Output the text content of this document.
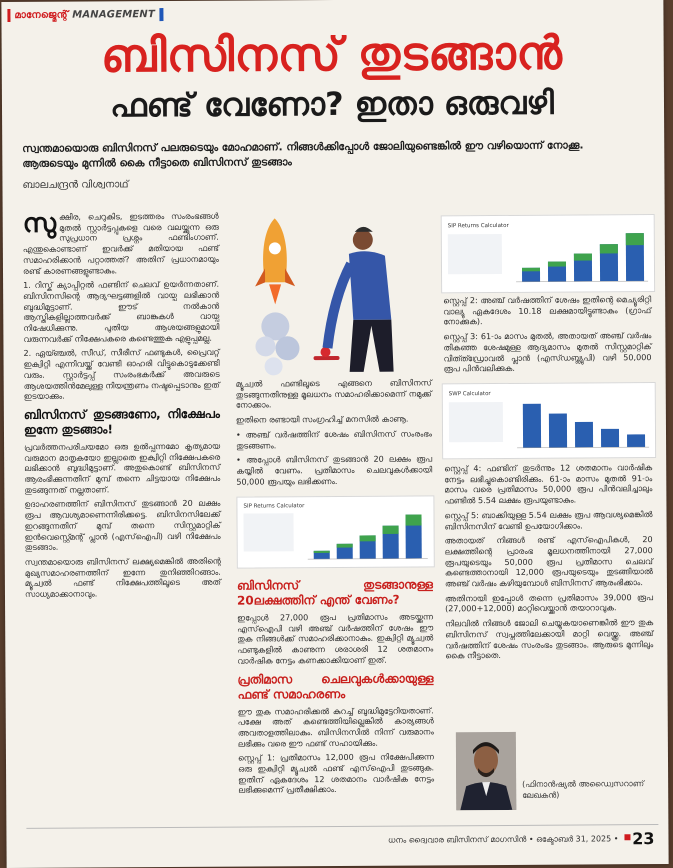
മാനേജ്മെന്റ് MANAGEMENT
ബിസിനസ് തുടങ്ങാൻ
ഫണ്ട് വേണോ? ഇതാ ഒരുവഴി
സ്വന്തമായൊരു ബിസിനസ് പലരുടെയും മോഹമാണ്. നിങ്ങൾക്കിപ്പോൾ ജോലിയുണ്ടെങ്കിൽ ഈ വഴിയൊന്ന് നോക്കൂ. ആരുടെയും മുന്നിൽ കൈ നീട്ടാതെ ബിസിനസ് തുടങ്ങാം
ബാലചന്ദ്രൻ വിശ്വനാഥ്

സുക്ഷിര, ചെറുകിട, ഇടത്തരം സംരംഭങ്ങൾ മുതൽ സ്റ്റാർട്ടപ്പുകളെ വരെ വലയ്ക്കുന്ന ഒരു സുപ്രധാന പ്രശ്നം ഫണ്ടിംഗാണ്. എന്തുകൊണ്ടാണ് ഇവർക്ക് മതിയായ ഫണ്ട് സമാഹരിക്കാൻ പറ്റാത്തത്? അതിന് പ്രധാനമായും രണ്ട് കാരണങ്ങളുണ്ടാകും.

1. റിസ്ക് ക്യാപ്പിറ്റൽ ഫണ്ടിന് ചെലവ് ഉയർന്നതാണ്. ബിസിനസിന്റെ ആദ്യഘട്ടങ്ങളിൽ വായ്പ ലഭിക്കാൻ ബുദ്ധിമുട്ടാണ്. ഈട് നൽകാൻ ആസ്തികളില്ലാത്തവർക്ക് ബാങ്കുകൾ വായ്പ നിഷേധിക്കുന്നു. പുതിയ ആശയങ്ങളുമായി വരുന്നവർക്ക് നിക്ഷേപകരെ കണ്ടെത്തുക എളുപ്പമല്ല.

2. ഏയ്ഞ്ചൽ, സീഡ്, സീരീസ് ഫണ്ടുകൾ, പ്രൈവറ്റ് ഇക്വിറ്റി എന്നിവയ്ക്ക് വേണ്ടി ഓഹരി വിട്ടുകൊടുക്കേണ്ടി വരും. സ്റ്റാർട്ടപ്പ് സംരംഭകർക്ക് അവരുടെ ആശയത്തിൻമേലുള്ള നിയന്ത്രണം നഷ്ടപ്പെടാനും ഇത് ഇടയാക്കും.

ബിസിനസ് തുടങ്ങണോ, നിക്ഷേപം ഇന്നേ തുടങ്ങാം!

പ്രവർത്തനപരിചയമോ ഒരു ഉൽപ്പന്നമോ കൃത്യമായ വരുമാന മാതൃകയോ ഇല്ലാതെ ഇക്വിറ്റി നിക്ഷേപകരെ ലഭിക്കാൻ ബുദ്ധിമുട്ടാണ്. അതുകൊണ്ട് ബിസിനസ് ആരംഭിക്കുന്നതിന് മുമ്പ് തന്നെ ചിട്ടയായ നിക്ഷേപം തുടങ്ങുന്നത് നല്ലതാണ്.

ഉദാഹരണത്തിന് ബിസിനസ് തുടങ്ങാൻ 20 ലക്ഷം രൂപ ആവശ്യമാണെന്നിരിക്കട്ടെ. ബിസിനസിലേക്ക് ഇറങ്ങുന്നതിന് മുമ്പ് തന്നെ സിസ്റ്റമാറ്റിക് ഇൻവെസ്റ്റ്മെന്റ് പ്ലാൻ (എസ്ഐപി) വഴി നിക്ഷേപം തുടങ്ങാം.

സ്വന്തമായൊരു ബിസിനസ് ലക്ഷ്യമെങ്കിൽ അതിന്റെ മുഖ്യസമാഹരണത്തിന് ഇന്നേ തുനിഞ്ഞിറങ്ങാം. മ്യൂച്വൽ ഫണ്ട് നിക്ഷേപത്തിലൂടെ അത് സാധ്യമാക്കാനാവും.

SIP Returns Calculator

സ്റ്റെപ്പ് 2: അഞ്ച് വർഷത്തിന് ശേഷം ഇതിന്റെ മെച്യൂരിറ്റി വാല്യു ഏകദേശം 10.18 ലക്ഷമായിട്ടുണ്ടാകും (ഗ്രാഫ് നോക്കുക).

സ്റ്റെപ്പ് 3: 61-ാം മാസം മുതൽ, അതായത് അഞ്ച് വർഷം തികഞ്ഞ ശേഷമുള്ള ആദ്യമാസം മുതൽ സിസ്റ്റമാറ്റിക് വിത്ത്ഡ്രോവൽ പ്ലാൻ (എസ്ഡബ്ല്യുപി) വഴി 50,000 രൂപ പിൻവലിക്കുക.

SWP Calculator

സ്റ്റെപ്പ് 4: ഫണ്ടിന് തുടർന്നും 12 ശതമാനം വാർഷിക നേട്ടം ലഭിച്ചുകൊണ്ടിരിക്കും. 61-ാം മാസം മുതൽ 91-ാം മാസം വരെ പ്രതിമാസം 50,000 രൂപ പിൻവലിച്ചാലും ഫണ്ടിൽ 5.54 ലക്ഷം രൂപയുണ്ടാകും.

സ്റ്റെപ്പ് 5: ബാക്കിയുള്ള 5.54 ലക്ഷം രൂപ ആവശ്യമെങ്കിൽ ബിസിനസിന് വേണ്ടി ഉപയോഗിക്കാം.

അതായത് നിങ്ങൾ രണ്ട് എസ്ഐപികൾ, 20 ലക്ഷത്തിന്റെ പ്രാരംഭ മൂലധനത്തിനായി 27,000 രൂപയുടെയും 50,000 രൂപ പ്രതിമാസ ചെലവ് കണ്ടെത്താനായി 12,000 രൂപയുടെയും തുടങ്ങിയാൽ അഞ്ച് വർഷം കഴിയുമ്പോൾ ബിസിനസ് ആരംഭിക്കാം.

അതിനായി ഇപ്പോൾ തന്നെ പ്രതിമാസം 39,000 രൂപ (27,000+12,000) മാറ്റിവെയ്ക്കാൻ തയാറാവുക.

നിലവിൽ നിങ്ങൾ ജോലി ചെയ്യുകയാണെങ്കിൽ ഈ തുക ബിസിനസ് സ്വപ്നത്തിലേക്കായി മാറ്റി വെയ്ക്കൂ. അഞ്ച് വർഷത്തിന് ശേഷം സംരംഭം തുടങ്ങാം. ആരുടെ മുന്നിലും കൈ നീട്ടാതെ.

മ്യൂച്വൽ ഫണ്ടിലൂടെ എങ്ങനെ ബിസിനസ് തുടങ്ങുന്നതിനുള്ള മൂലധനം സമാഹരിക്കാമെന്ന് നമുക്ക് നോക്കാം.

ഇതിനെ രണ്ടായി സംഗ്രഹിച്ച് മനസിൽ കാണൂ.

• അഞ്ച് വർഷത്തിന് ശേഷം ബിസിനസ് സംരംഭം തുടങ്ങണം.

• അപ്പോൾ ബിസിനസ് തുടങ്ങാൻ 20 ലക്ഷം രൂപ കയ്യിൽ വേണം. പ്രതിമാസം ചെലവുകൾക്കായി 50,000 രൂപയും ലഭിക്കണം.

SIP Returns Calculator
ബിസിനസ് തുടങ്ങാനുള്ള 20ലക്ഷത്തിന് എന്ത് വേണം?

ഇപ്പോൾ 27,000 രൂപ പ്രതിമാസം അടയ്ക്കുന്ന എസ്ഐപി വഴി അഞ്ച് വർഷത്തിന് ശേഷം ഈ തുക നിങ്ങൾക്ക് സമാഹരിക്കാനാകും. ഇക്വിറ്റി മ്യൂച്വൽ ഫണ്ടുകളിൽ കാണുന്ന ശരാശരി 12 ശതമാനം വാർഷിക നേട്ടം കണക്കാക്കിയാണ് ഇത്.

പ്രതിമാസ ചെലവുകൾക്കായുള്ള ഫണ്ട് സമാഹരണം

ഈ തുക സമാഹരിക്കൽ കുറച്ച് ബുദ്ധിമുട്ടേറിയതാണ്. പക്ഷേ അത് കണ്ടെത്തിയില്ലെങ്കിൽ കാര്യങ്ങൾ അവതാളത്തിലാകും. ബിസിനസിൽ നിന്ന് വരുമാനം ലഭിക്കും വരെ ഈ ഫണ്ട് സഹായിക്കും.

സ്റ്റെപ്പ് 1: പ്രതിമാസം 12,000 രൂപ നിക്ഷേപിക്കുന്ന ഒരു ഇക്വിറ്റി മ്യൂച്വൽ ഫണ്ട് എസ്ഐപി തുടങ്ങുക. ഇതിന് ഏകദേശം 12 ശതമാനം വാർഷിക നേട്ടം ലഭിക്കുമെന്ന് പ്രതീക്ഷിക്കാം.

(ഫിനാൻഷ്യൽ അഡ്വൈസറാണ് ലേഖകൻ)
ധനം ദ്വൈവാര ബിസിനസ് മാഗസിൻ • ഒക്ടോബർ 31, 2025 • 23
